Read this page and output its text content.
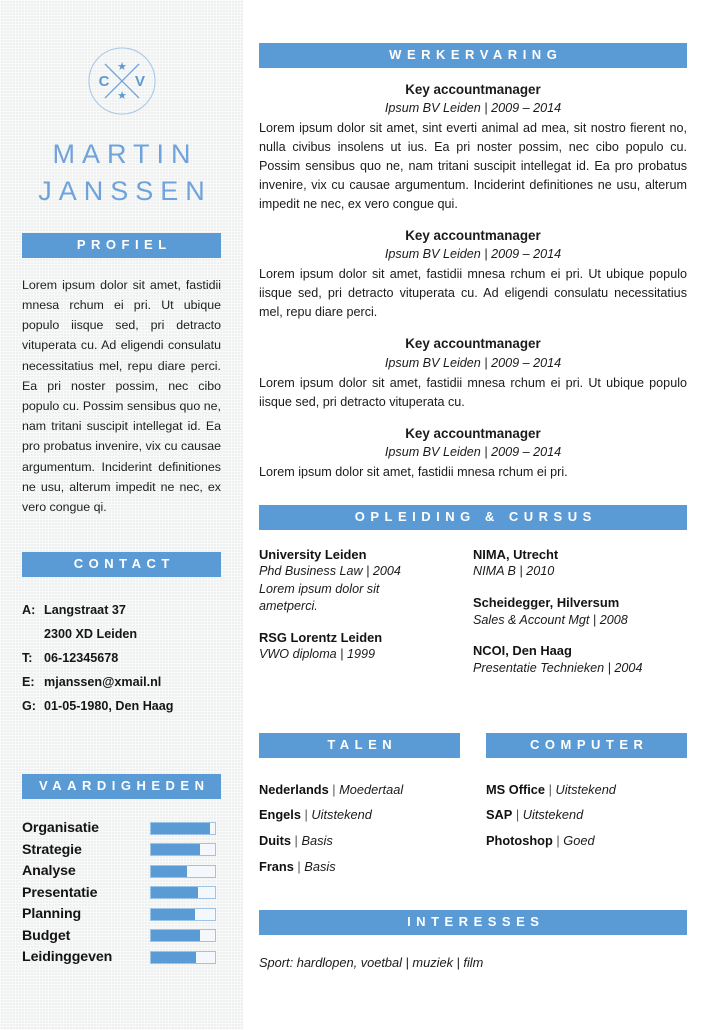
C V
★
★
MARTIN
JANSSEN
PROFIEL
Lorem ipsum dolor sit amet, fastidii mnesa rchum ei pri. Ut ubique populo iisque sed, pri detracto vituperata cu. Ad eligendi consulatu necessitatius mel, repu diare perci. Ea pri noster possim, nec cibo populo cu. Possim sensibus quo ne, nam tritani suscipit intellegat id. Ea pro probatus invenire, vix cu causae argumentum. Inciderint definitiones ne usu, alterum impedit ne nec, ex vero congue qi.
CONTACT
A: Langstraat 37
2300 XD Leiden
T: 06-12345678
E: mjanssen@xmail.nl
G: 01-05-1980, Den Haag
VAARDIGHEDEN
Organisatie
Strategie
Analyse
Presentatie
Planning
Budget
Leidinggeven
WERKERVARING
Key accountmanager
Ipsum BV Leiden | 2009 – 2014
Lorem ipsum dolor sit amet, sint everti animal ad mea, sit nostro fierent no, nulla civibus insolens ut ius. Ea pri noster possim, nec cibo populo cu. Possim sensibus quo ne, nam tritani suscipit intellegat id. Ea pro probatus invenire, vix cu causae argumentum. Inciderint definitiones ne usu, alterum impedit ne nec, ex vero congue qui.
Key accountmanager
Ipsum BV Leiden | 2009 – 2014
Lorem ipsum dolor sit amet, fastidii mnesa rchum ei pri. Ut ubique populo iisque sed, pri detracto vituperata cu. Ad eligendi consulatu necessitatius mel, repu diare perci.
Key accountmanager
Ipsum BV Leiden | 2009 – 2014
Lorem ipsum dolor sit amet, fastidii mnesa rchum ei pri. Ut ubique populo iisque sed, pri detracto vituperata cu.
Key accountmanager
Ipsum BV Leiden | 2009 – 2014
Lorem ipsum dolor sit amet, fastidii mnesa rchum ei pri.
OPLEIDING & CURSUS
University Leiden
Phd Business Law | 2004
Lorem ipsum dolor sit
ametperci.
RSG Lorentz Leiden
VWO diploma | 1999
NIMA, Utrecht
NIMA B | 2010
Scheidegger, Hilversum
Sales & Account Mgt | 2008
NCOI, Den Haag
Presentatie Technieken | 2004
TALEN
Nederlands | Moedertaal
Engels | Uitstekend
Duits | Basis
Frans | Basis
COMPUTER
MS Office | Uitstekend
SAP | Uitstekend
Photoshop | Goed
INTERESSES
Sport: hardlopen, voetbal | muziek | film
